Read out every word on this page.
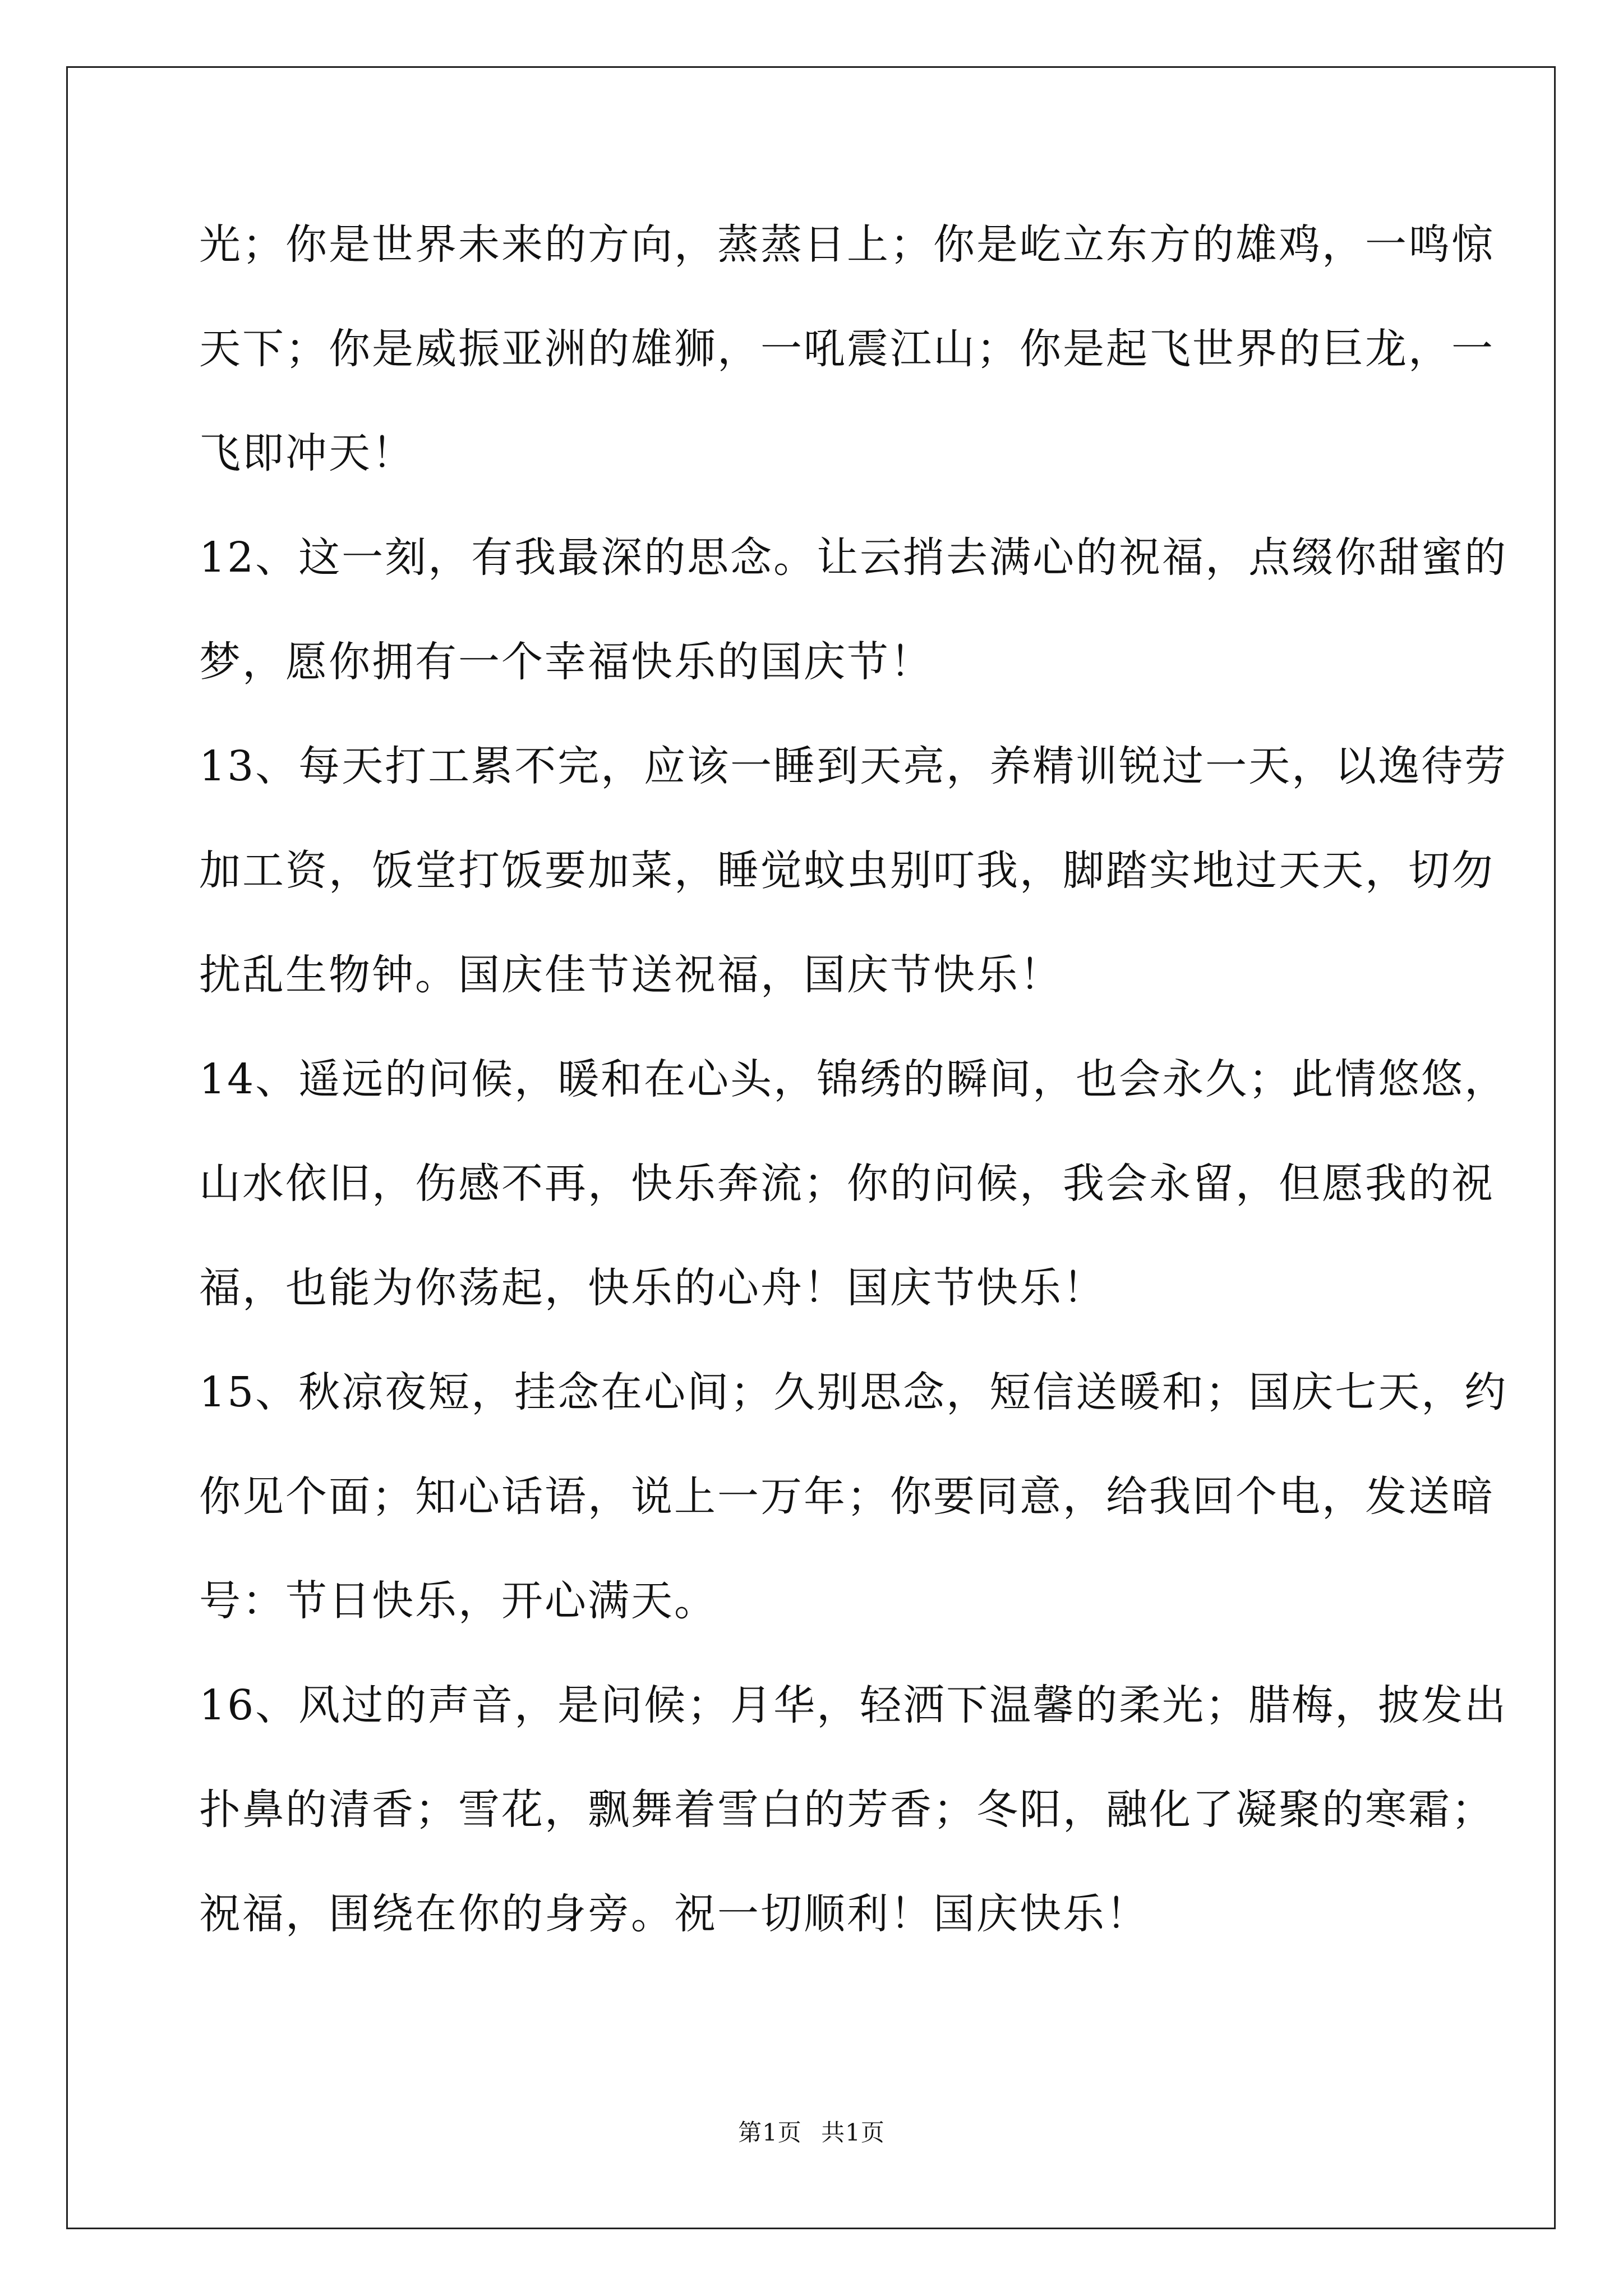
光；你是世界未来的方向，蒸蒸日上；你是屹立东方的雄鸡，一鸣惊

天下；你是威振亚洲的雄狮，一吼震江山；你是起飞世界的巨龙，一

飞即冲天！

12、这一刻，有我最深的思念。让云捎去满心的祝福，点缀你甜蜜的

梦，愿你拥有一个幸福快乐的国庆节！

13、每天打工累不完，应该一睡到天亮，养精训锐过一天，以逸待劳

加工资，饭堂打饭要加菜，睡觉蚊虫别叮我，脚踏实地过天天，切勿

扰乱生物钟。国庆佳节送祝福，国庆节快乐！

14、遥远的问候，暖和在心头，锦绣的瞬间，也会永久；此情悠悠，

山水依旧，伤感不再，快乐奔流；你的问候，我会永留，但愿我的祝

福，也能为你荡起，快乐的心舟！国庆节快乐！

15、秋凉夜短，挂念在心间；久别思念，短信送暖和；国庆七天，约

你见个面；知心话语，说上一万年；你要同意，给我回个电，发送暗

号：节日快乐，开心满天。

16、风过的声音，是问候；月华，轻洒下温馨的柔光；腊梅，披发出

扑鼻的清香；雪花，飘舞着雪白的芳香；冬阳，融化了凝聚的寒霜；

祝福，围绕在你的身旁。祝一切顺利！国庆快乐！

第1页 共1页
